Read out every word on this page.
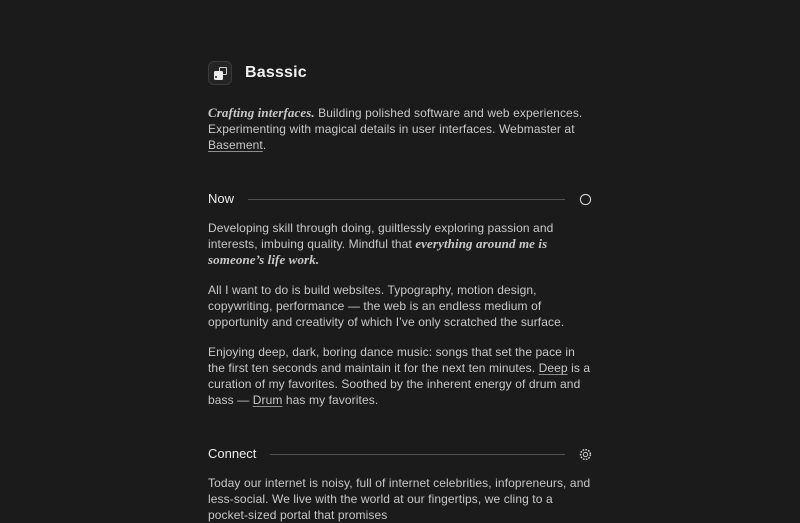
Basssic

Crafting interfaces. Building polished software and web experiences. Experimenting with magical details in user interfaces. Webmaster at Basement.

Now

Developing skill through doing, guiltlessly exploring passion and interests, imbuing quality. Mindful that everything around me is someone’s life work.

All I want to do is build websites. Typography, motion design, copywriting, performance — the web is an endless medium of opportunity and creativity of which I’ve only scratched the surface.

Enjoying deep, dark, boring dance music: songs that set the pace in the first ten seconds and maintain it for the next ten minutes. Deep is a curation of my favorites. Soothed by the inherent energy of drum and bass — Drum has my favorites.

Connect

Today our internet is noisy, full of internet celebrities, infopreneurs, and less-social. We live with the world at our fingertips, we cling to a pocket-sized portal that promises
